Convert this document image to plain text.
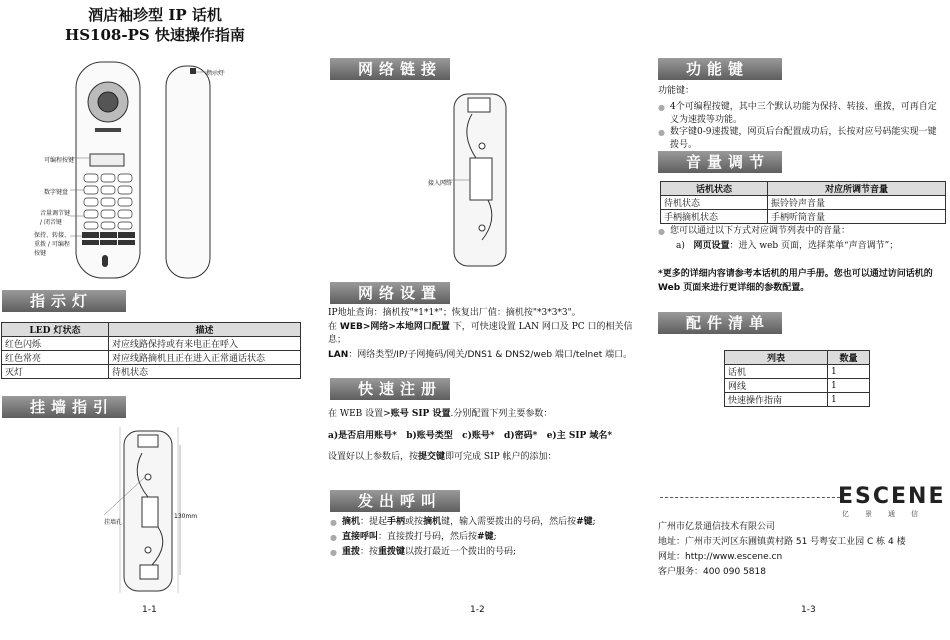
酒店袖珍型 IP 话机
HS108-PS 快速操作指南
指示灯
可编程按键
数字键盘
音量调节键 / 闭音键
保持、转接、重拨 / 可编程按键
指示灯
LED 灯状态	描述
红色闪烁	对应线路保持或有来电正在呼入
红色常亮	对应线路摘机且正在进入正常通话状态
灭灯	待机状态
挂墙指引
挂墙孔
130mm
网络链接
接入网络
网络设置
IP地址查询：摘机按"*1*1*"；恢复出厂值：摘机按"*3*3*3"。
在 WEB>网络>本地网口配置 下，可快速设置 LAN 网口及 PC 口的相关信
息；
LAN：网络类型/IP/子网掩码/网关/DNS1 & DNS2/web 端口/telnet 端口。
快速注册
在 WEB 设置>账号 SIP 设置.分别配置下列主要参数：
a)是否启用账号* b)账号类型 c)账号* d)密码* e)主 SIP 域名*
设置好以上参数后，按提交键即可完成 SIP 帐户的添加：
发出呼叫
● 摘机：提起手柄或按摘机键，输入需要拨出的号码，然后按#键;
● 直接呼叫：直接拨打号码，然后按#键;
● 重拨：按重拨键以拨打最近一个拨出的号码;
功能键
功能键：
● 4个可编程按键，其中三个默认功能为保持、转接、重拨，可再自定义为速拨等功能。
● 数字键0-9速拨键，网页后台配置成功后，长按对应号码能实现一键拨号。
音量调节
话机状态	对应所调节音量
待机状态	振铃铃声音量
手柄摘机状态	手柄听筒音量
● 您可以通过以下方式对应调节列表中的音量：
a) 网页设置：进入 web 页面，选择菜单“声音调节”；
*更多的详细内容请参考本话机的用户手册。您也可以通过访问话机的
Web 页面来进行更详细的参数配置。
配件清单
列表	数量
话机	1
网线	1
快速操作指南	1
ESCENE
亿景通信
广州市亿景通信技术有限公司
地址：广州市天河区东圃镇黄村路 51 号粤安工业园 C 栋 4 楼
网址：http://www.escene.cn
客户服务：400 090 5818
1-1	1-2	1-3
